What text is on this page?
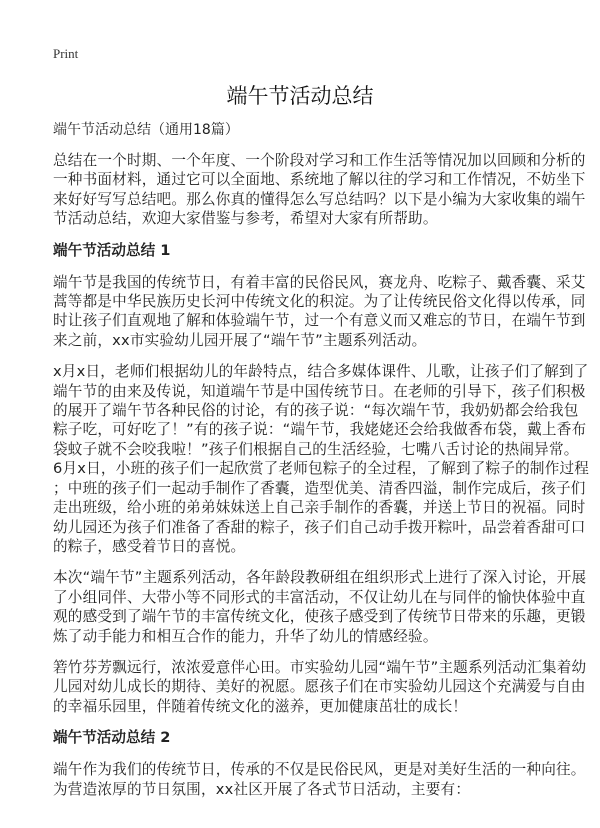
Print
端午节活动总结
端午节活动总结（通用18篇）
总结在一个时期、一个年度、一个阶段对学习和工作生活等情况加以回顾和分析的
一种书面材料，通过它可以全面地、系统地了解以往的学习和工作情况，不妨坐下
来好好写写总结吧。那么你真的懂得怎么写总结吗？以下是小编为大家收集的端午
节活动总结，欢迎大家借鉴与参考，希望对大家有所帮助。
端午节活动总结 1
端午节是我国的传统节日，有着丰富的民俗民风，赛龙舟、吃粽子、戴香囊、采艾
蒿等都是中华民族历史长河中传统文化的积淀。为了让传统民俗文化得以传承，同
时让孩子们直观地了解和体验端午节，过一个有意义而又难忘的节日，在端午节到
来之前，xx市实验幼儿园开展了“端午节”主题系列活动。
x月x日，老师们根据幼儿的年龄特点，结合多媒体课件、儿歌，让孩子们了解到了
端午节的由来及传说，知道端午节是中国传统节日。在老师的引导下，孩子们积极
的展开了端午节各种民俗的讨论，有的孩子说：“每次端午节，我奶奶都会给我包
粽子吃，可好吃了！”有的孩子说：“端午节，我姥姥还会给我做香布袋，戴上香布
袋蚊子就不会咬我啦！”孩子们根据自己的生活经验，七嘴八舌讨论的热闹异常。
6月x日，小班的孩子们一起欣赏了老师包粽子的全过程，了解到了粽子的制作过程
；中班的孩子们一起动手制作了香囊，造型优美、清香四溢，制作完成后，孩子们
走出班级，给小班的弟弟妹妹送上自己亲手制作的香囊，并送上节日的祝福。同时
幼儿园还为孩子们准备了香甜的粽子，孩子们自己动手拨开粽叶，品尝着香甜可口
的粽子，感受着节日的喜悦。
本次“端午节”主题系列活动，各年龄段教研组在组织形式上进行了深入讨论，开展
了小组同伴、大带小等不同形式的丰富活动，不仅让幼儿在与同伴的愉快体验中直
观的感受到了端午节的丰富传统文化，使孩子感受到了传统节日带来的乐趣，更锻
炼了动手能力和相互合作的能力，升华了幼儿的情感经验。
箬竹芬芳飘远行，浓浓爱意伴心田。市实验幼儿园“端午节”主题系列活动汇集着幼
儿园对幼儿成长的期待、美好的祝愿。愿孩子们在市实验幼儿园这个充满爱与自由
的幸福乐园里，伴随着传统文化的滋养，更加健康茁壮的成长！
端午节活动总结 2
端午作为我们的传统节日，传承的不仅是民俗民风，更是对美好生活的一种向往。
为营造浓厚的节日氛围，xx社区开展了各式节日活动，主要有：
